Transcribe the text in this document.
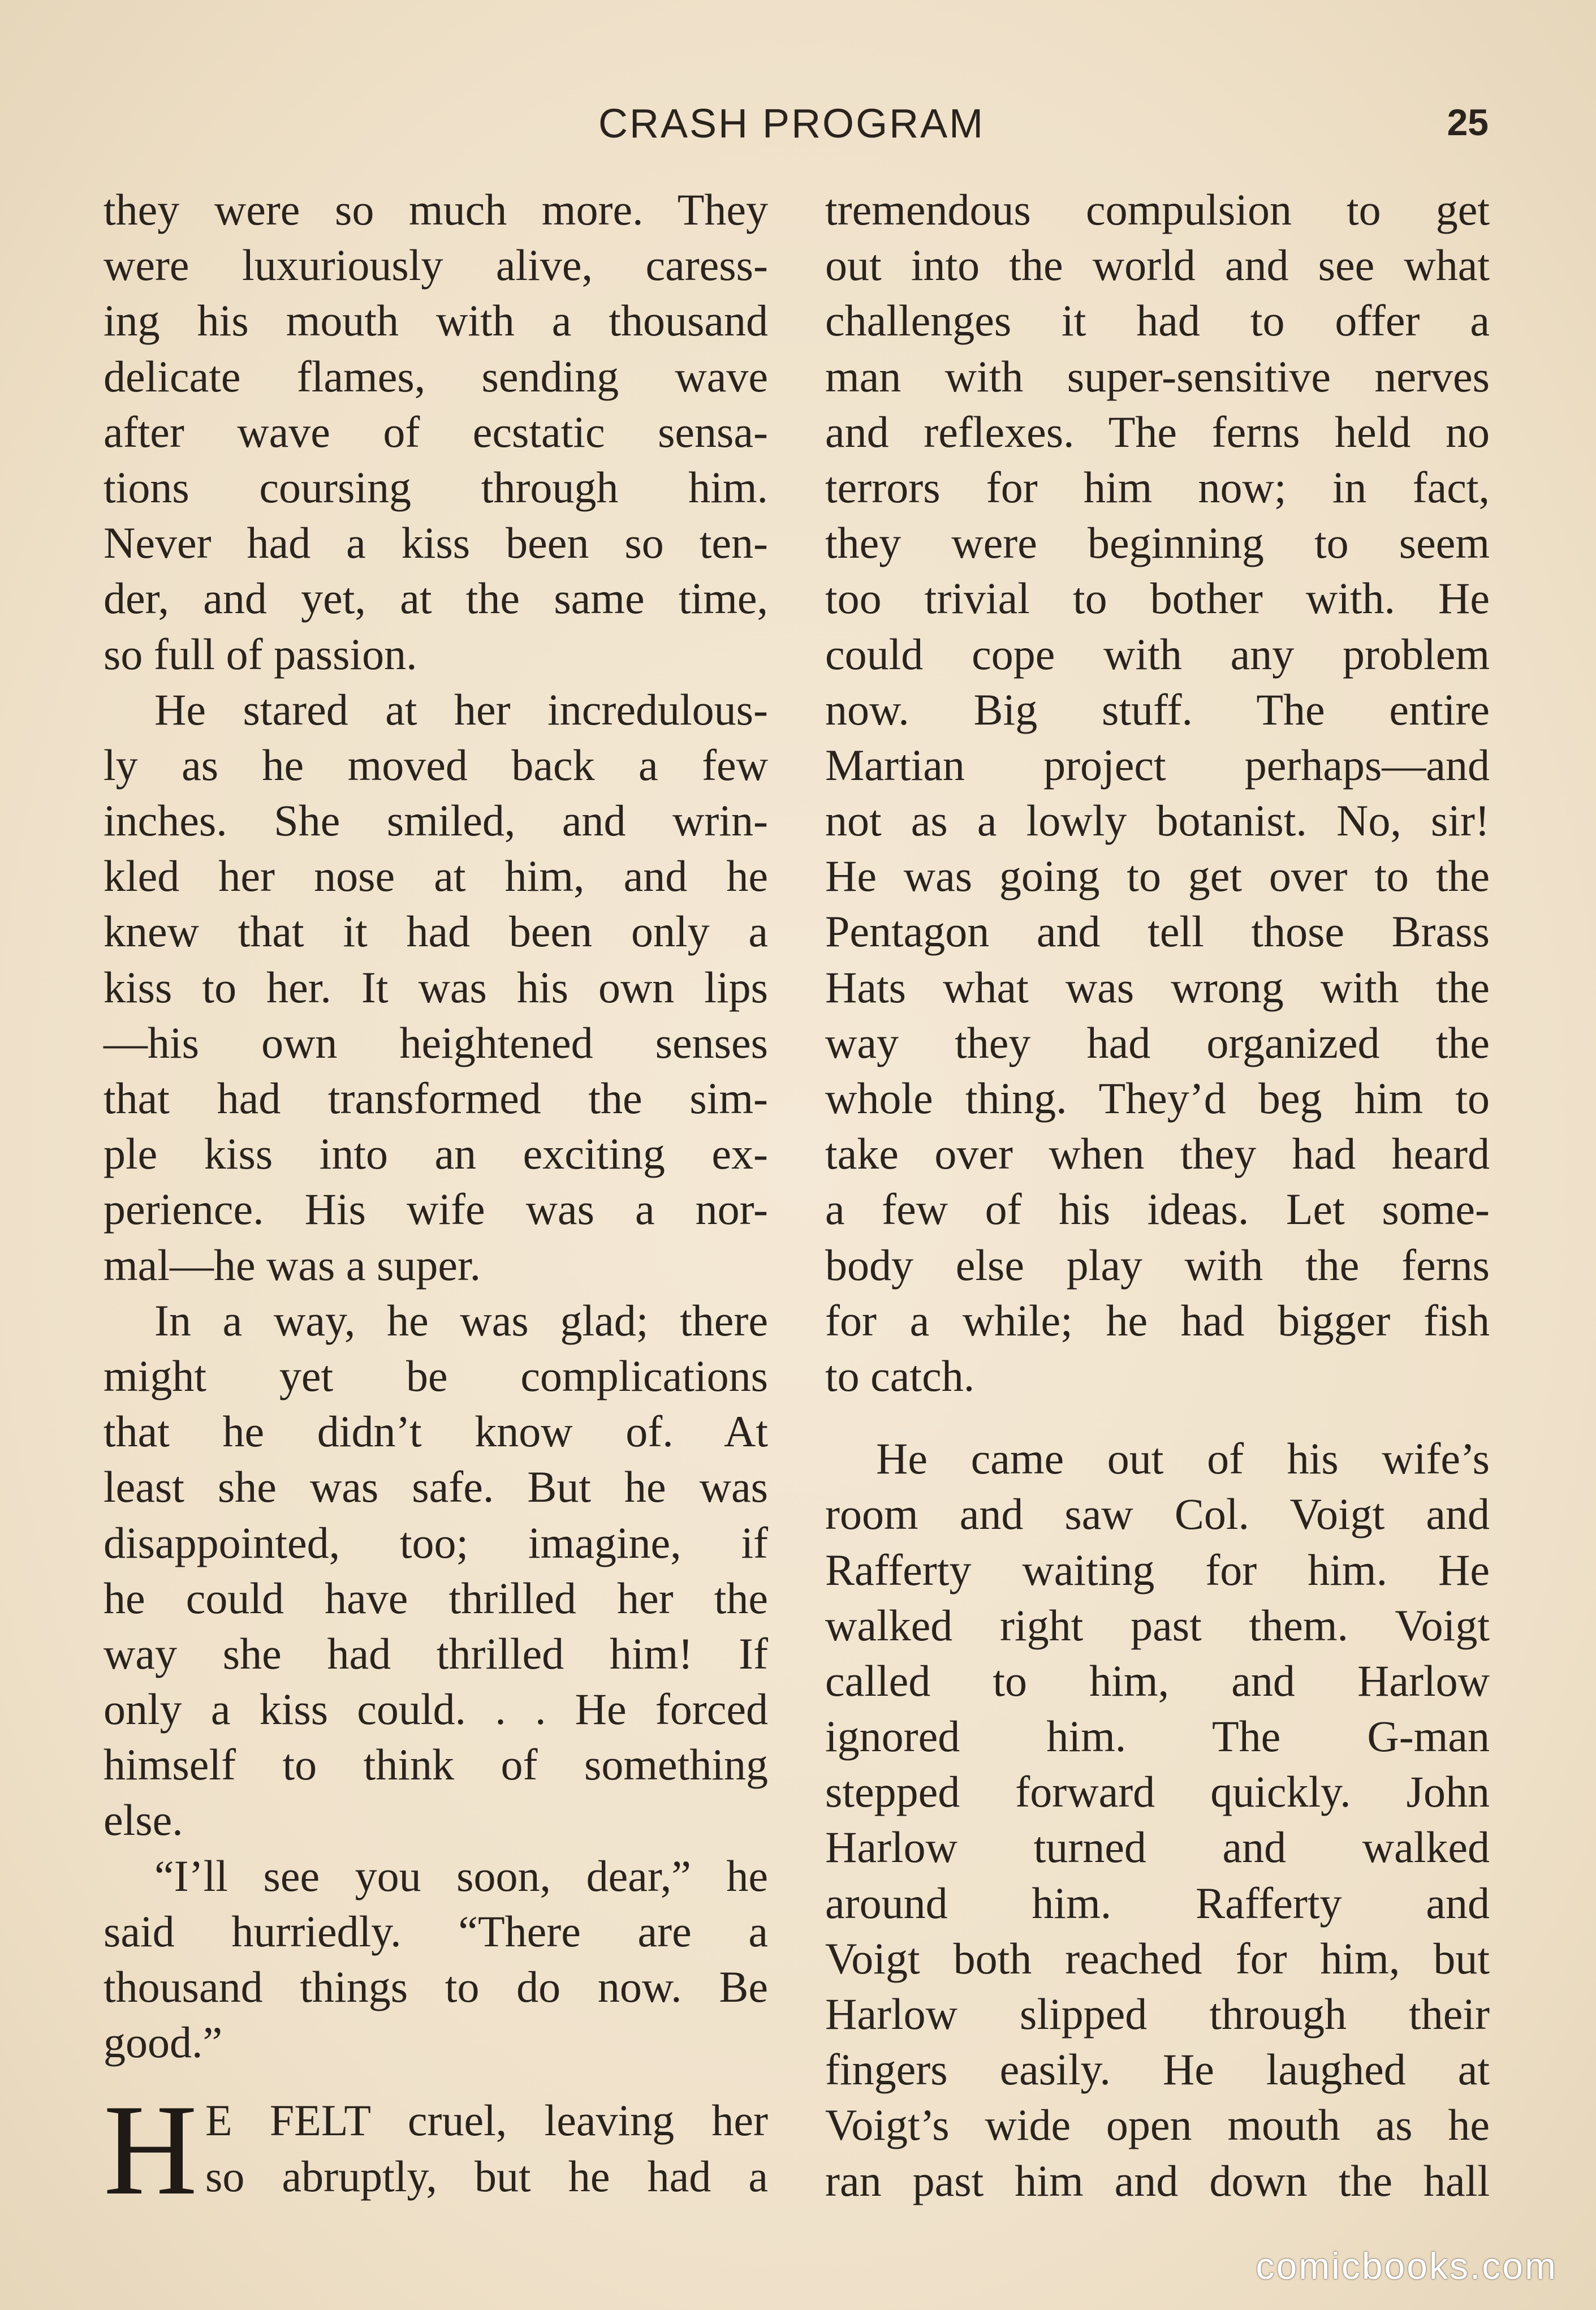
CRASH PROGRAM	25
they were so much more. They
were luxuriously alive, caress-
ing his mouth with a thousand
delicate flames, sending wave
after wave of ecstatic sensa-
tions coursing through him.
Never had a kiss been so ten-
der, and yet, at the same time,
so full of passion.
He stared at her incredulous-
ly as he moved back a few
inches. She smiled, and wrin-
kled her nose at him, and he
knew that it had been only a
kiss to her. It was his own lips
—his own heightened senses
that had transformed the sim-
ple kiss into an exciting ex-
perience. His wife was a nor-
mal—he was a super.
In a way, he was glad; there
might yet be complications
that he didn’t know of. At
least she was safe. But he was
disappointed, too; imagine, if
he could have thrilled her the
way she had thrilled him! If
only a kiss could. . . He forced
himself to think of something
else.
“I’ll see you soon, dear,” he
said hurriedly. “There are a
thousand things to do now. Be
good.”
H E FELT cruel, leaving her
so abruptly, but he had a
tremendous compulsion to get
out into the world and see what
challenges it had to offer a
man with super-sensitive nerves
and reflexes. The ferns held no
terrors for him now; in fact,
they were beginning to seem
too trivial to bother with. He
could cope with any problem
now. Big stuff. The entire
Martian project perhaps—and
not as a lowly botanist. No, sir!
He was going to get over to the
Pentagon and tell those Brass
Hats what was wrong with the
way they had organized the
whole thing. They’d beg him to
take over when they had heard
a few of his ideas. Let some-
body else play with the ferns
for a while; he had bigger fish
to catch.
He came out of his wife’s
room and saw Col. Voigt and
Rafferty waiting for him. He
walked right past them. Voigt
called to him, and Harlow
ignored him. The G-man
stepped forward quickly. John
Harlow turned and walked
around him. Rafferty and
Voigt both reached for him, but
Harlow slipped through their
fingers easily. He laughed at
Voigt’s wide open mouth as he
ran past him and down the hall
comicbooks.com
